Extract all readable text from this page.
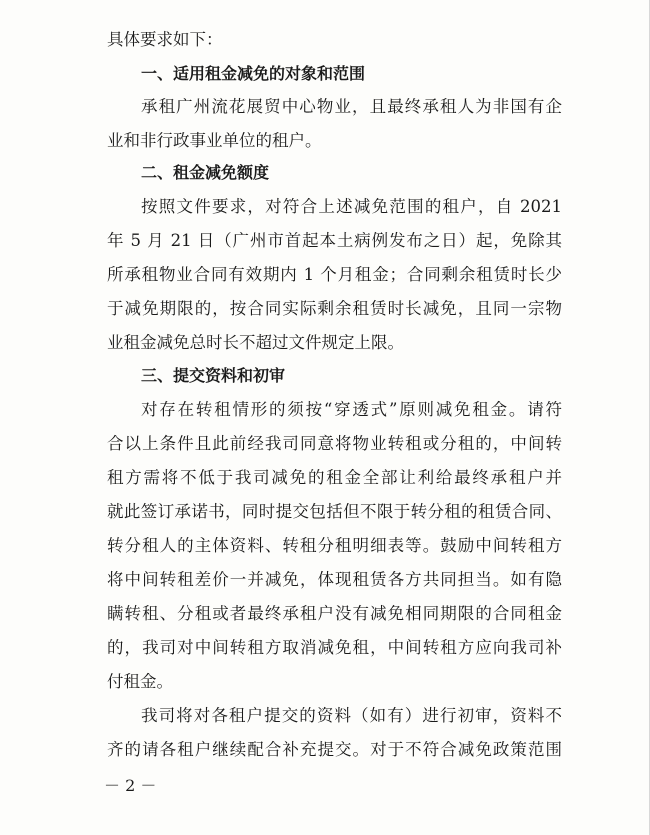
具体要求如下：
一、适用租金减免的对象和范围
承租广州流花展贸中心物业，且最终承租人为非国有企
业和非行政事业单位的租户。
二、租金减免额度
按照文件要求，对符合上述减免范围的租户，自 2021
年 5 月 21 日（广州市首起本土病例发布之日）起，免除其
所承租物业合同有效期内 1 个月租金；合同剩余租赁时长少
于减免期限的，按合同实际剩余租赁时长减免，且同一宗物
业租金减免总时长不超过文件规定上限。
三、提交资料和初审
对存在转租情形的须按“穿透式”原则减免租金。请符
合以上条件且此前经我司同意将物业转租或分租的，中间转
租方需将不低于我司减免的租金全部让利给最终承租户并
就此签订承诺书，同时提交包括但不限于转分租的租赁合同、
转分租人的主体资料、转租分租明细表等。鼓励中间转租方
将中间转租差价一并减免，体现租赁各方共同担当。如有隐
瞒转租、分租或者最终承租户没有减免相同期限的合同租金
的，我司对中间转租方取消减免租，中间转租方应向我司补
付租金。
我司将对各租户提交的资料（如有）进行初审，资料不
齐的请各租户继续配合补充提交。对于不符合减免政策范围
－ 2 －
